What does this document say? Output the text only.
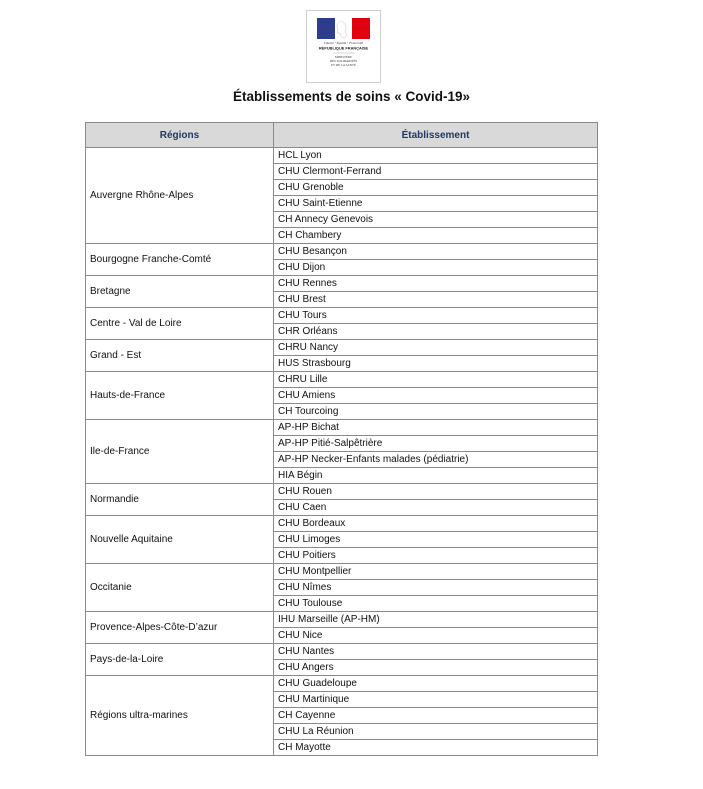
Liberté • Égalité • Fraternité
RÉPUBLIQUE FRANÇAISE
MINISTÈRE
DES SOLIDARITÉS
ET DE LA SANTÉ
Établissements de soins « Covid-19»
Régions	Établissement
Auvergne Rhône-Alpes	HCL Lyon
	CHU Clermont-Ferrand
	CHU Grenoble
	CHU Saint-Etienne
	CH Annecy Genevois
	CH Chambery
Bourgogne Franche-Comté	CHU Besançon
	CHU Dijon
Bretagne	CHU Rennes
	CHU Brest
Centre - Val de Loire	CHU Tours
	CHR Orléans
Grand - Est	CHRU Nancy
	HUS Strasbourg
Hauts-de-France	CHRU Lille
	CHU Amiens
	CH Tourcoing
Ile-de-France	AP-HP Bichat
	AP-HP Pitié-Salpêtrière
	AP-HP Necker-Enfants malades (pédiatrie)
	HIA Bégin
Normandie	CHU Rouen
	CHU Caen
Nouvelle Aquitaine	CHU Bordeaux
	CHU Limoges
	CHU Poitiers
Occitanie	CHU Montpellier
	CHU Nîmes
	CHU Toulouse
Provence-Alpes-Côte-D’azur	IHU Marseille (AP-HM)
	CHU Nice
Pays-de-la-Loire	CHU Nantes
	CHU Angers
Régions ultra-marines	CHU Guadeloupe
	CHU Martinique
	CH Cayenne
	CHU La Réunion
	CH Mayotte
